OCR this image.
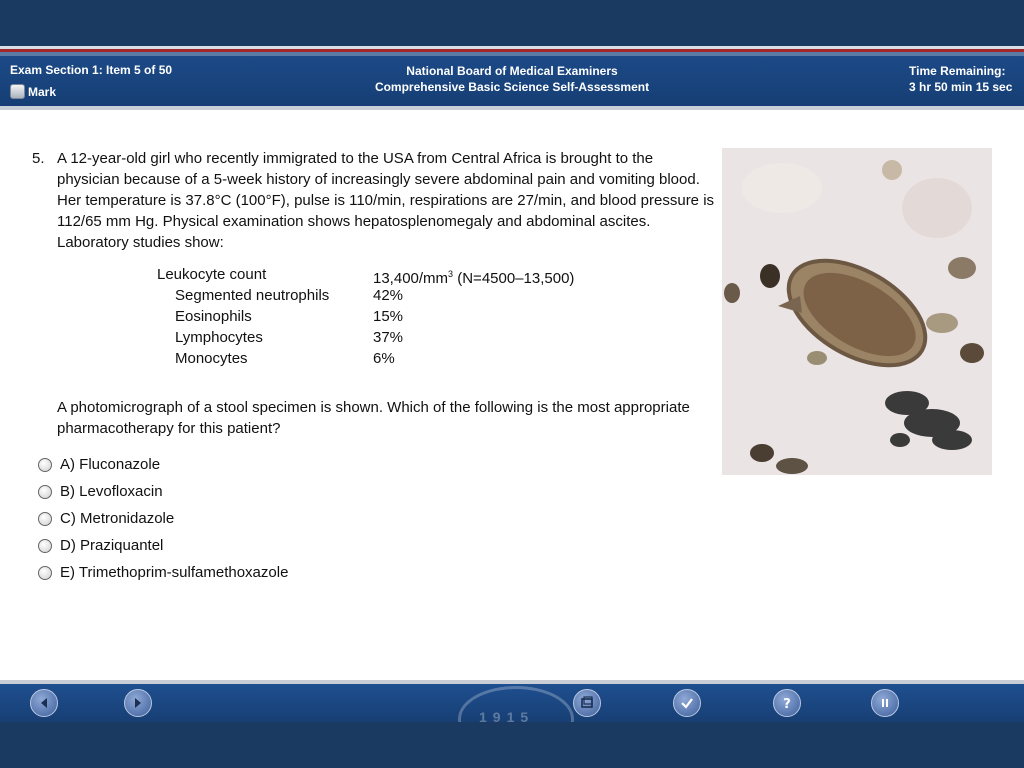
Exam Section 1: Item 5 of 50
Mark
National Board of Medical Examiners
Comprehensive Basic Science Self-Assessment
Time Remaining:
3 hr 50 min 15 sec
5. A 12-year-old girl who recently immigrated to the USA from Central Africa is brought to the physician because of a 5-week history of increasingly severe abdominal pain and vomiting blood. Her temperature is 37.8°C (100°F), pulse is 110/min, respirations are 27/min, and blood pressure is 112/65 mm Hg. Physical examination shows hepatosplenomegaly and abdominal ascites. Laboratory studies show:
Leukocyte count	$13,400/mm^3$ (N=4500–13,500)
Segmented neutrophils	42%
Eosinophils	15%
Lymphocytes	37%
Monocytes	6%
A photomicrograph of a stool specimen is shown. Which of the following is the most appropriate pharmacotherapy for this patient?
A) Fluconazole
B) Levofloxacin
C) Metronidazole
D) Praziquantel
E) Trimethoprim-sulfamethoxazole
1915
?
